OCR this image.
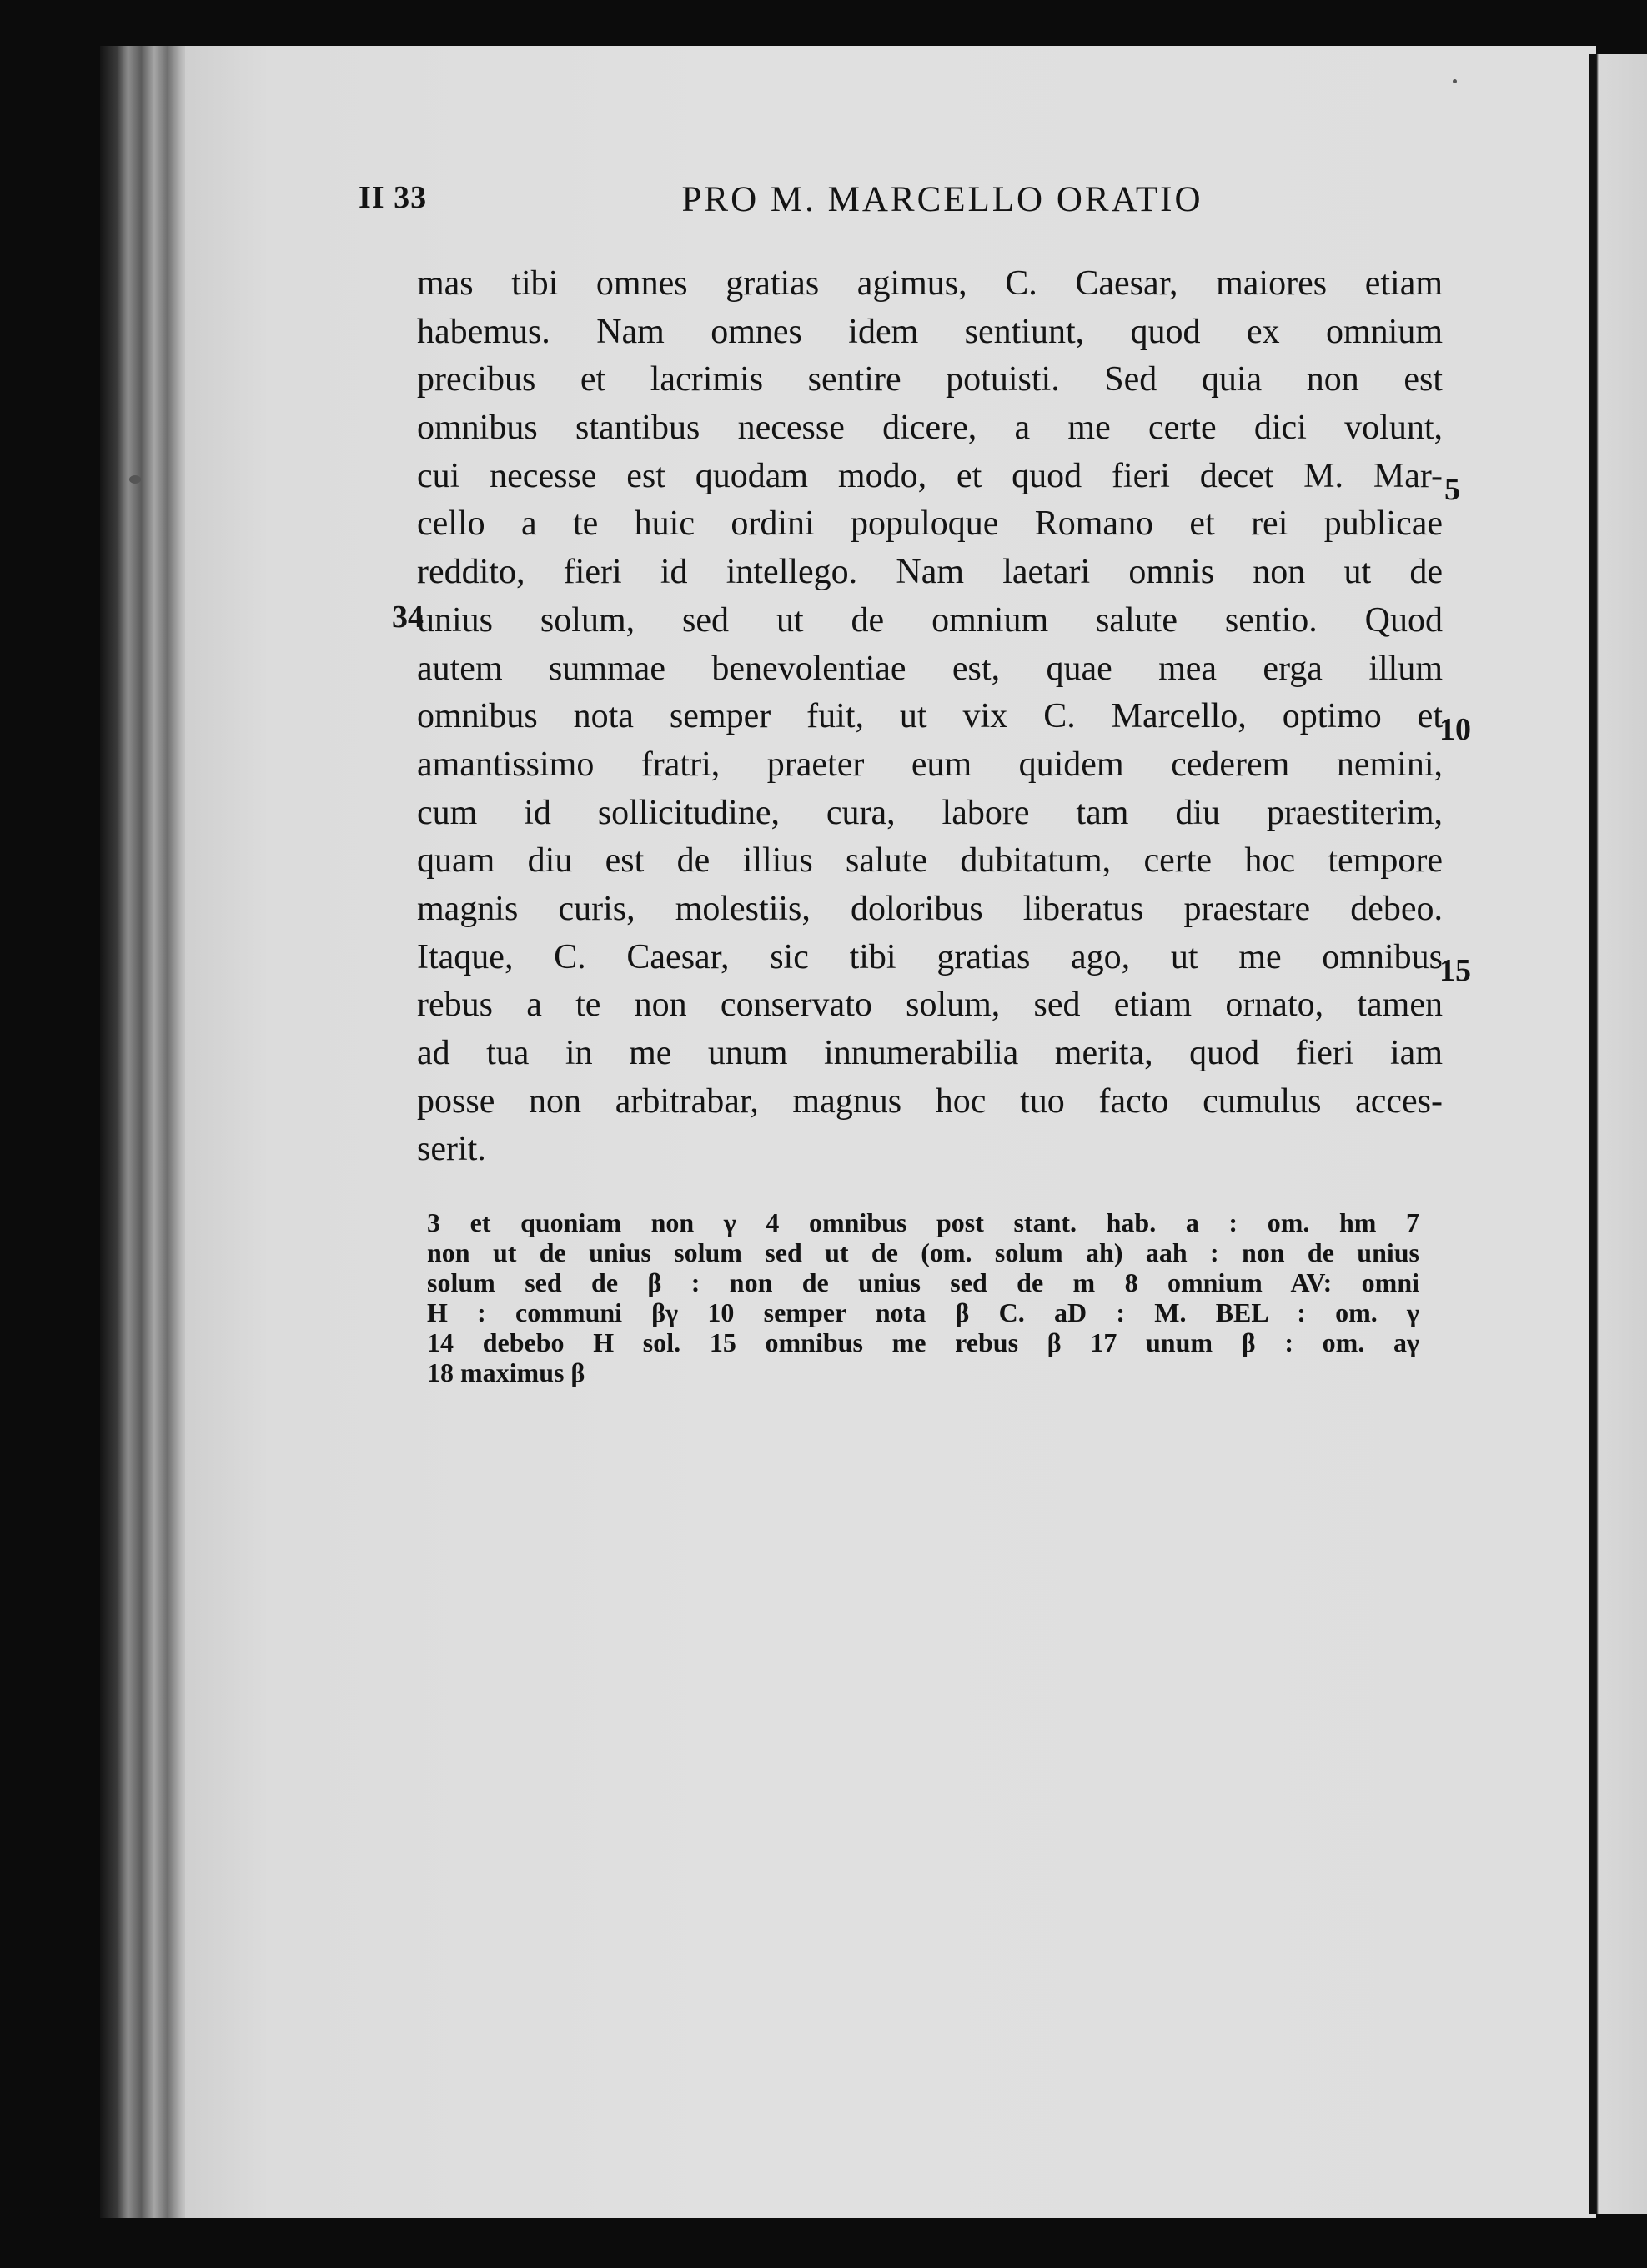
II 33	PRO M. MARCELLO ORATIO
mas tibi omnes gratias agimus, C. Caesar, maiores etiam
habemus. Nam omnes idem sentiunt, quod ex omnium
precibus et lacrimis sentire potuisti. Sed quia non est
omnibus stantibus necesse dicere, a me certe dici volunt,
cui necesse est quodam modo, et quod fieri decet M. Mar-
cello a te huic ordini populoque Romano et rei publicae
reddito, fieri id intellego. Nam laetari omnis non ut de
unius solum, sed ut de omnium salute sentio. Quod
autem summae benevolentiae est, quae mea erga illum
omnibus nota semper fuit, ut vix C. Marcello, optimo et
amantissimo fratri, praeter eum quidem cederem nemini,
cum id sollicitudine, cura, labore tam diu praestiterim,
quam diu est de illius salute dubitatum, certe hoc tempore
magnis curis, molestiis, doloribus liberatus praestare debeo.
Itaque, C. Caesar, sic tibi gratias ago, ut me omnibus
rebus a te non conservato solum, sed etiam ornato, tamen
ad tua in me unum innumerabilia merita, quod fieri iam
posse non arbitrabar, magnus hoc tuo facto cumulus acces-
serit.
34
5
10
15
3 et quoniam non γ 4 omnibus post stant. hab. a : om. hm 7
non ut de unius solum sed ut de (om. solum ah) aah : non de unius
solum sed de β : non de unius sed de m 8 omnium AV: omni
H : communi βγ 10 semper nota β C. aD : M. BEL : om. γ
14 debebo H sol. 15 omnibus me rebus β 17 unum β : om. aγ
18 maximus β
